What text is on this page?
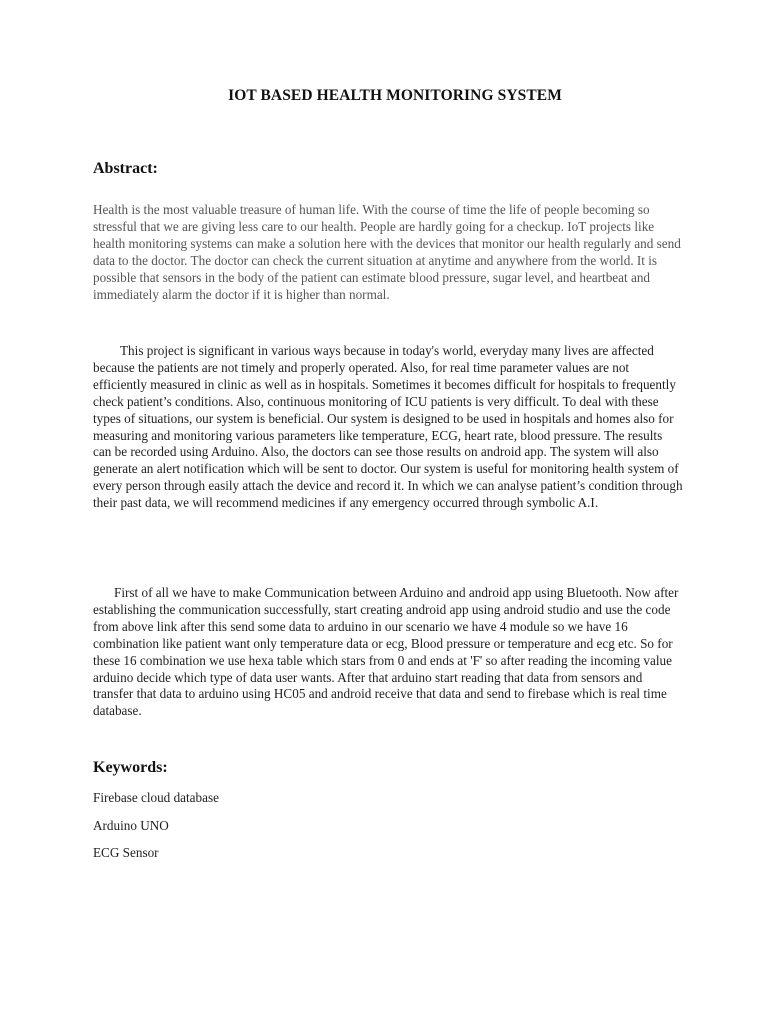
IOT BASED HEALTH MONITORING SYSTEM
Abstract:

Health is the most valuable treasure of human life. With the course of time the life of people becoming so stressful that we are giving less care to our health. People are hardly going for a checkup. IoT projects like health monitoring systems can make a solution here with the devices that monitor our health regularly and send data to the doctor. The doctor can check the current situation at anytime and anywhere from the world. It is possible that sensors in the body of the patient can estimate blood pressure, sugar level, and heartbeat and immediately alarm the doctor if it is higher than normal.

This project is significant in various ways because in today's world, everyday many lives are affected because the patients are not timely and properly operated. Also, for real time parameter values are not efficiently measured in clinic as well as in hospitals. Sometimes it becomes difficult for hospitals to frequently check patient’s conditions. Also, continuous monitoring of ICU patients is very difficult. To deal with these types of situations, our system is beneficial. Our system is designed to be used in hospitals and homes also for measuring and monitoring various parameters like temperature, ECG, heart rate, blood pressure. The results can be recorded using Arduino. Also, the doctors can see those results on android app. The system will also generate an alert notification which will be sent to doctor. Our system is useful for monitoring health system of every person through easily attach the device and record it. In which we can analyse patient’s condition through their past data, we will recommend medicines if any emergency occurred through symbolic A.I.

First of all we have to make Communication between Arduino and android app using Bluetooth. Now after establishing the communication successfully, start creating android app using android studio and use the code from above link after this send some data to arduino in our scenario we have 4 module so we have 16 combination like patient want only temperature data or ecg, Blood pressure or temperature and ecg etc. So for these 16 combination we use hexa table which stars from 0 and ends at 'F' so after reading the incoming value arduino decide which type of data user wants. After that arduino start reading that data from sensors and transfer that data to arduino using HC05 and android receive that data and send to firebase which is real time database.

Keywords:

Firebase cloud database

Arduino UNO

ECG Sensor
